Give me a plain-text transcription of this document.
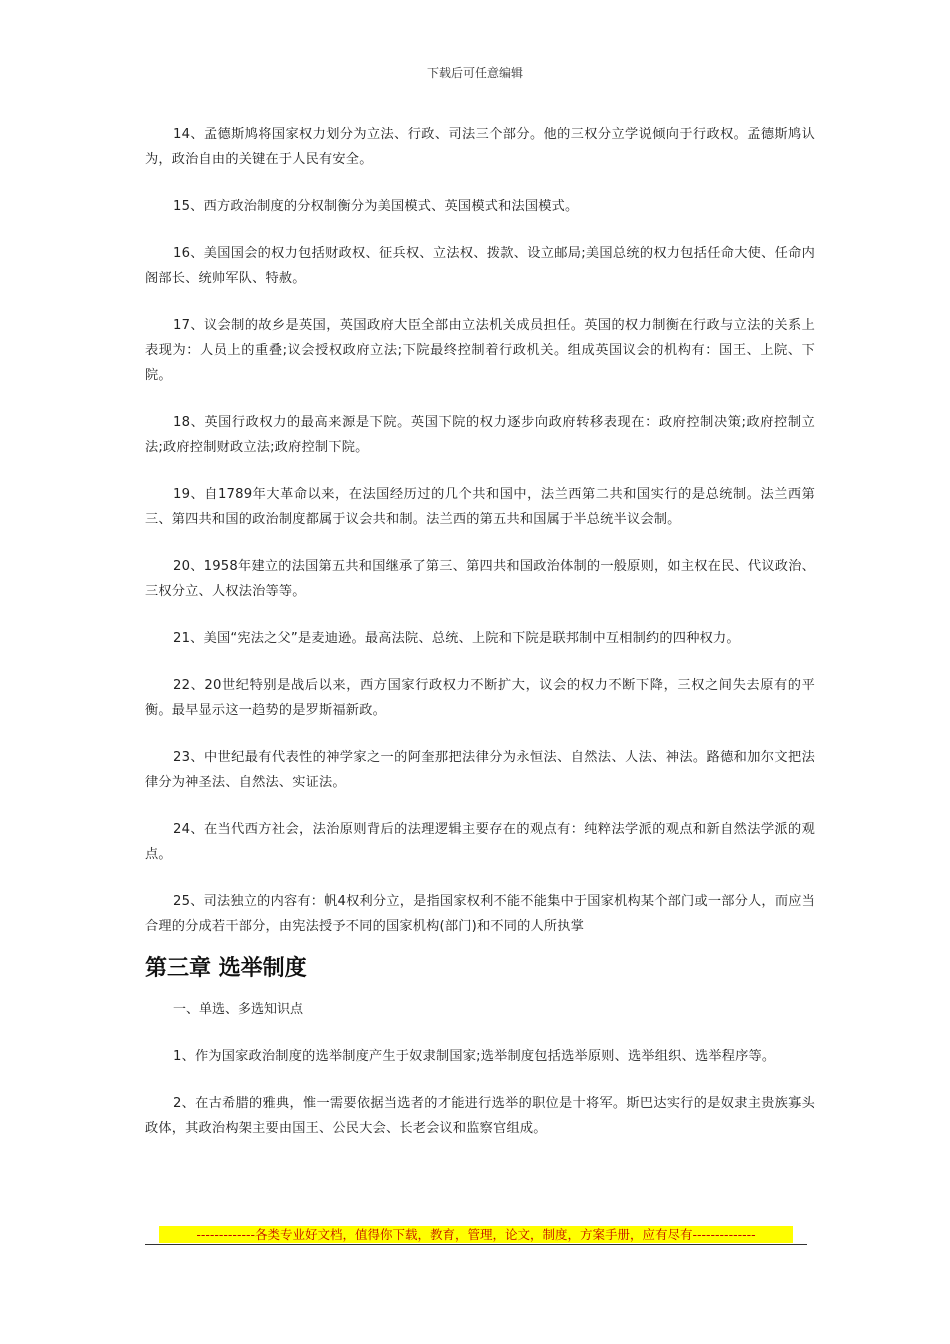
下载后可任意编辑

14、孟德斯鸠将国家权力划分为立法、行政、司法三个部分。他的三权分立学说倾向于行政权。孟德斯鸠认为，政治自由的关键在于人民有安全。

15、西方政治制度的分权制衡分为美国模式、英国模式和法国模式。

16、美国国会的权力包括财政权、征兵权、立法权、拨款、设立邮局;美国总统的权力包括任命大使、任命内阁部长、统帅军队、特赦。

17、议会制的故乡是英国，英国政府大臣全部由立法机关成员担任。英国的权力制衡在行政与立法的关系上表现为：人员上的重叠;议会授权政府立法;下院最终控制着行政机关。组成英国议会的机构有：国王、上院、下院。

18、英国行政权力的最高来源是下院。英国下院的权力逐步向政府转移表现在：政府控制决策;政府控制立法;政府控制财政立法;政府控制下院。

19、自1789年大革命以来，在法国经历过的几个共和国中，法兰西第二共和国实行的是总统制。法兰西第三、第四共和国的政治制度都属于议会共和制。法兰西的第五共和国属于半总统半议会制。

20、1958年建立的法国第五共和国继承了第三、第四共和国政治体制的一般原则，如主权在民、代议政治、三权分立、人权法治等等。

21、美国“宪法之父”是麦迪逊。最高法院、总统、上院和下院是联邦制中互相制约的四种权力。

22、20世纪特别是战后以来，西方国家行政权力不断扩大，议会的权力不断下降，三权之间失去原有的平衡。最早显示这一趋势的是罗斯福新政。

23、中世纪最有代表性的神学家之一的阿奎那把法律分为永恒法、自然法、人法、神法。路德和加尔文把法律分为神圣法、自然法、实证法。

24、在当代西方社会，法治原则背后的法理逻辑主要存在的观点有：纯粹法学派的观点和新自然法学派的观点。

25、司法独立的内容有：帆4权利分立，是指国家权利不能不能集中于国家机构某个部门或一部分人，而应当合理的分成若干部分，由宪法授予不同的国家机构(部门)和不同的人所执掌

第三章 选举制度

一、单选、多选知识点

1、作为国家政治制度的选举制度产生于奴隶制国家;选举制度包括选举原则、选举组织、选举程序等。

2、在古希腊的雅典，惟一需要依据当选者的才能进行选举的职位是十将军。斯巴达实行的是奴隶主贵族寡头政体，其政治构架主要由国王、公民大会、长老会议和监察官组成。

-------------各类专业好文档，值得你下载，教育，管理，论文，制度，方案手册，应有尽有--------------
